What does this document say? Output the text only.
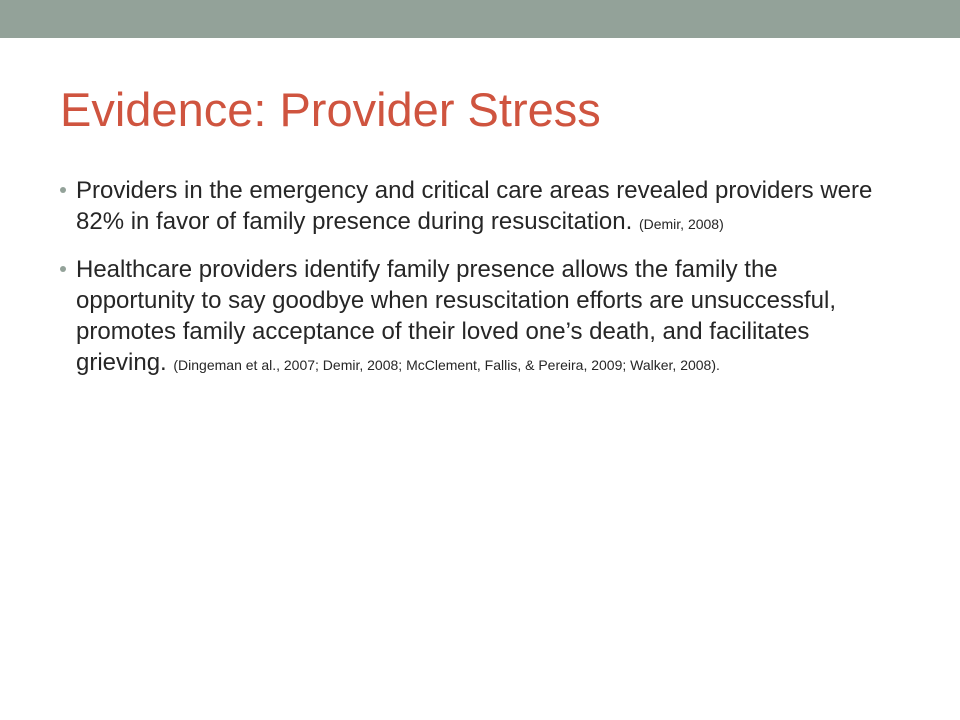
Evidence: Provider Stress
Providers in the emergency and critical care areas revealed providers were 82% in favor of family presence during resuscitation. (Demir, 2008)
Healthcare providers identify family presence allows the family the opportunity to say goodbye when resuscitation efforts are unsuccessful, promotes family acceptance of their loved one’s death, and facilitates grieving. (Dingeman et al., 2007; Demir, 2008; McClement, Fallis, & Pereira, 2009; Walker, 2008).
